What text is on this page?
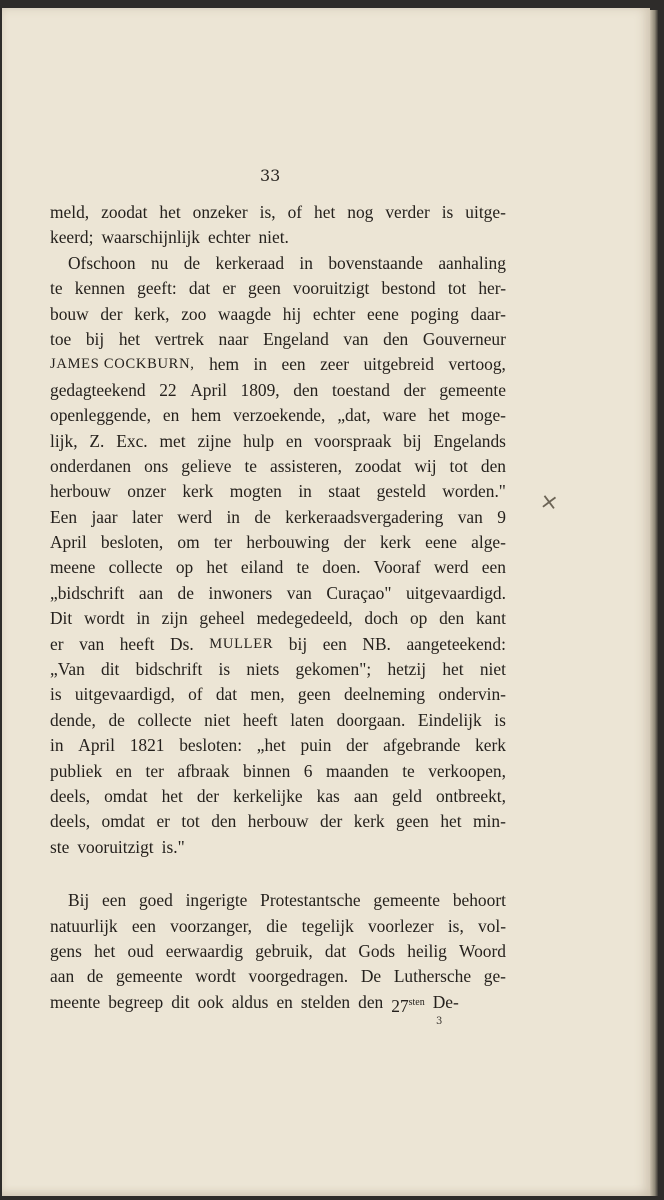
33
meld, zoodat het onzeker is, of het nog verder is uitge-
keerd; waarschijnlijk echter niet.
Ofschoon nu de kerkeraad in bovenstaande aanhaling
te kennen geeft: dat er geen vooruitzigt bestond tot her-
bouw der kerk, zoo waagde hij echter eene poging daar-
toe bij het vertrek naar Engeland van den Gouverneur
JAMES COCKBURN, hem in een zeer uitgebreid vertoog,
gedagteekend 22 April 1809, den toestand der gemeente
openleggende, en hem verzoekende, „dat, ware het moge-
lijk, Z. Exc. met zijne hulp en voorspraak bij Engelands
onderdanen ons gelieve te assisteren, zoodat wij tot den
herbouw onzer kerk mogten in staat gesteld worden."
Een jaar later werd in de kerkeraadsvergadering van 9
April besloten, om ter herbouwing der kerk eene alge-
meene collecte op het eiland te doen. Vooraf werd een
„bidschrift aan de inwoners van Curaçao" uitgevaardigd.
Dit wordt in zijn geheel medegedeeld, doch op den kant
er van heeft Ds. MULLER bij een NB. aangeteekend:
„Van dit bidschrift is niets gekomen"; hetzij het niet
is uitgevaardigd, of dat men, geen deelneming ondervin-
dende, de collecte niet heeft laten doorgaan. Eindelijk is
in April 1821 besloten: „het puin der afgebrande kerk
publiek en ter afbraak binnen 6 maanden te verkoopen,
deels, omdat het der kerkelijke kas aan geld ontbreekt,
deels, omdat er tot den herbouw der kerk geen het min-
ste vooruitzigt is."
Bij een goed ingerigte Protestantsche gemeente behoort
natuurlijk een voorzanger, die tegelijk voorlezer is, vol-
gens het oud eerwaardig gebruik, dat Gods heilig Woord
aan de gemeente wordt voorgedragen. De Luthersche ge-
meente begreep dit ook aldus en stelden den 27sten De-
3
×
